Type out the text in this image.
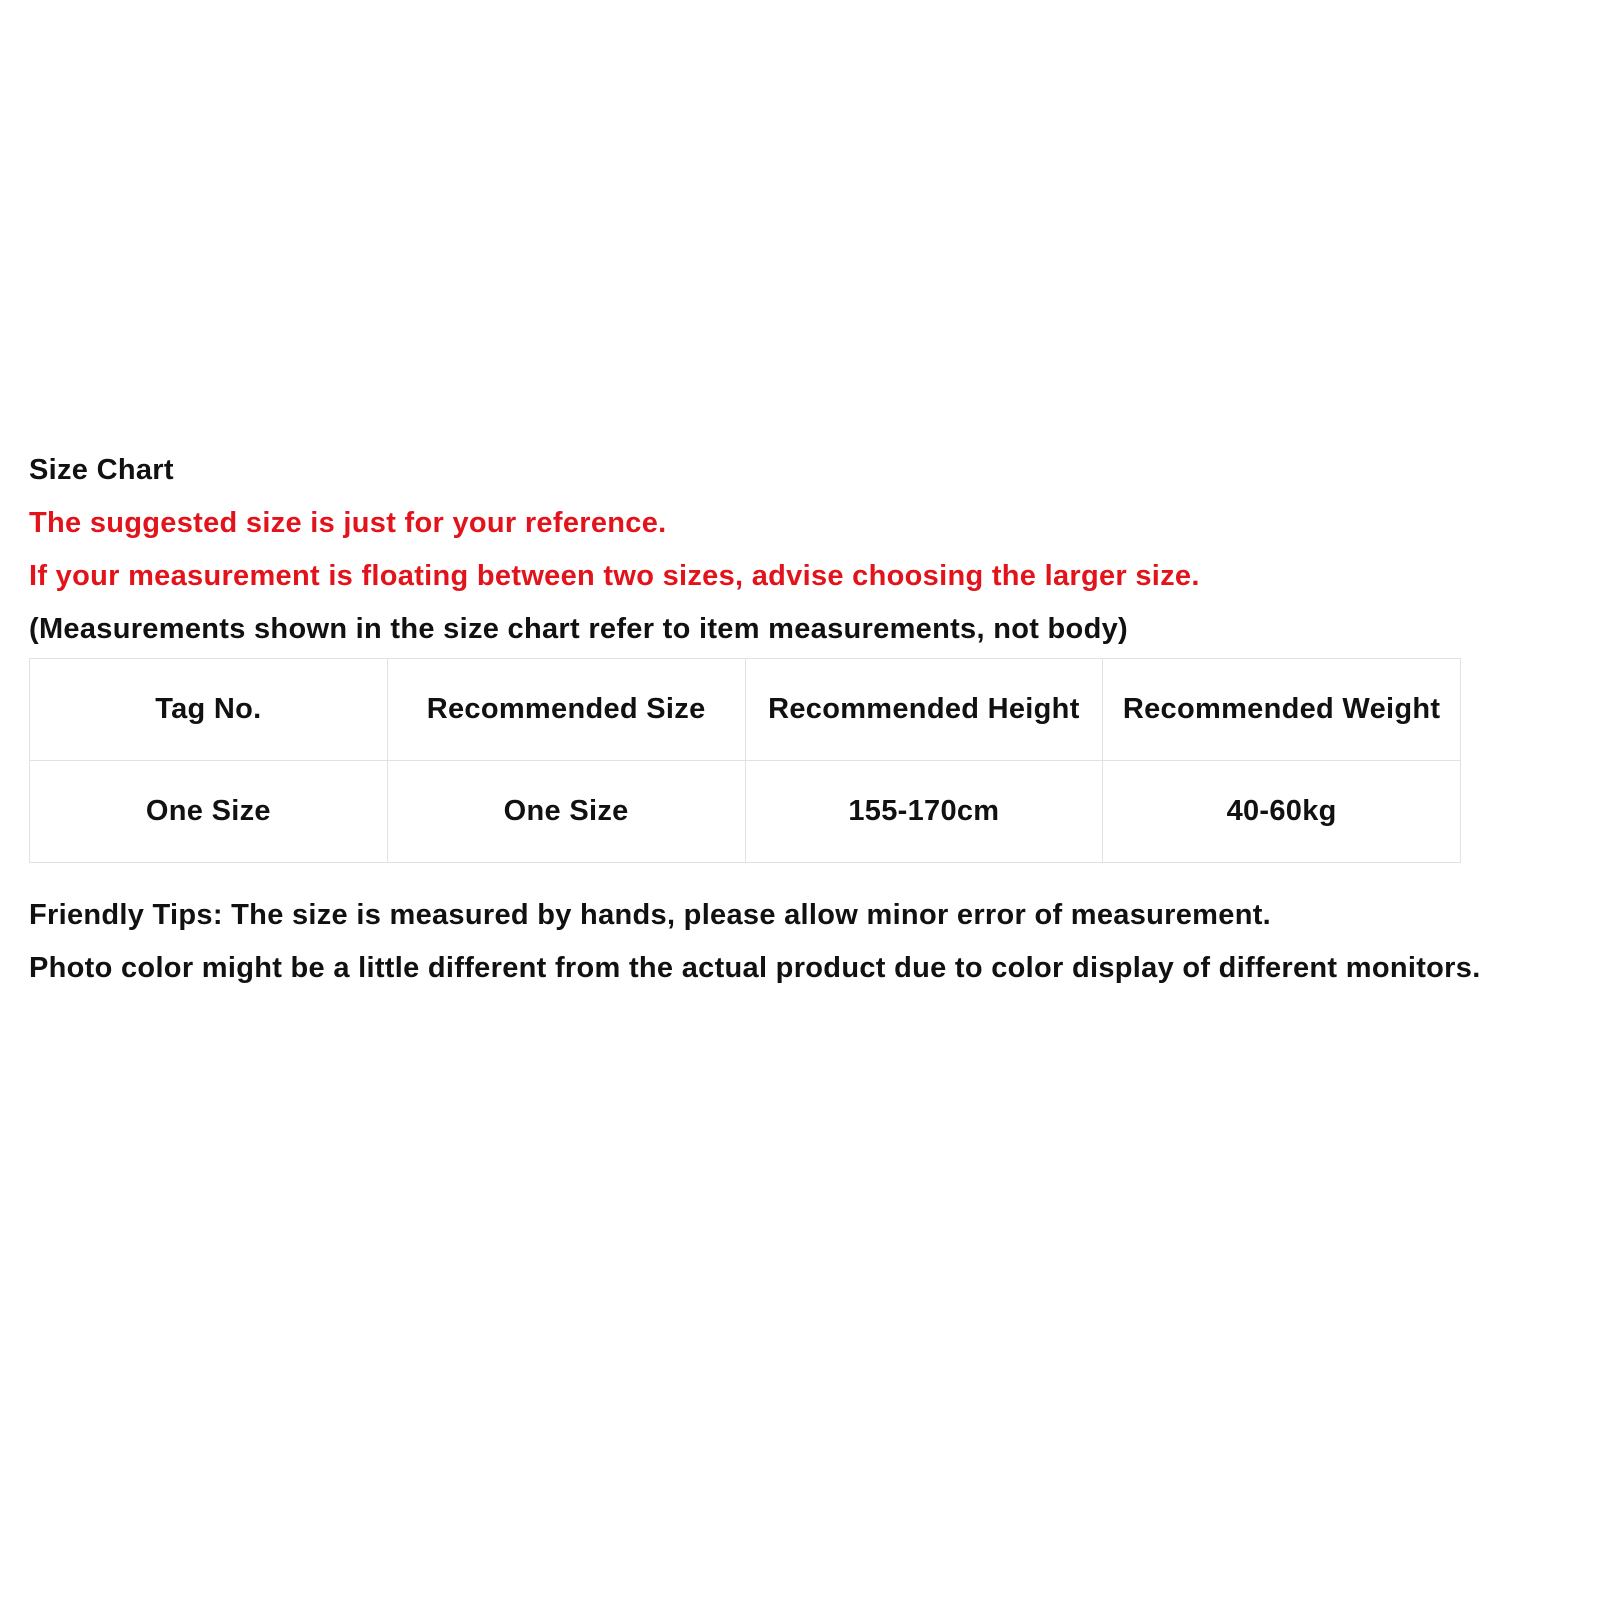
Size Chart
The suggested size is just for your reference.
If your measurement is floating between two sizes, advise choosing the larger size.
(Measurements shown in the size chart refer to item measurements, not body)
Tag No.	Recommended Size	Recommended Height	Recommended Weight
One Size	One Size	155-170cm	40-60kg
Friendly Tips: The size is measured by hands, please allow minor error of measurement.
Photo color might be a little different from the actual product due to color display of different monitors.
